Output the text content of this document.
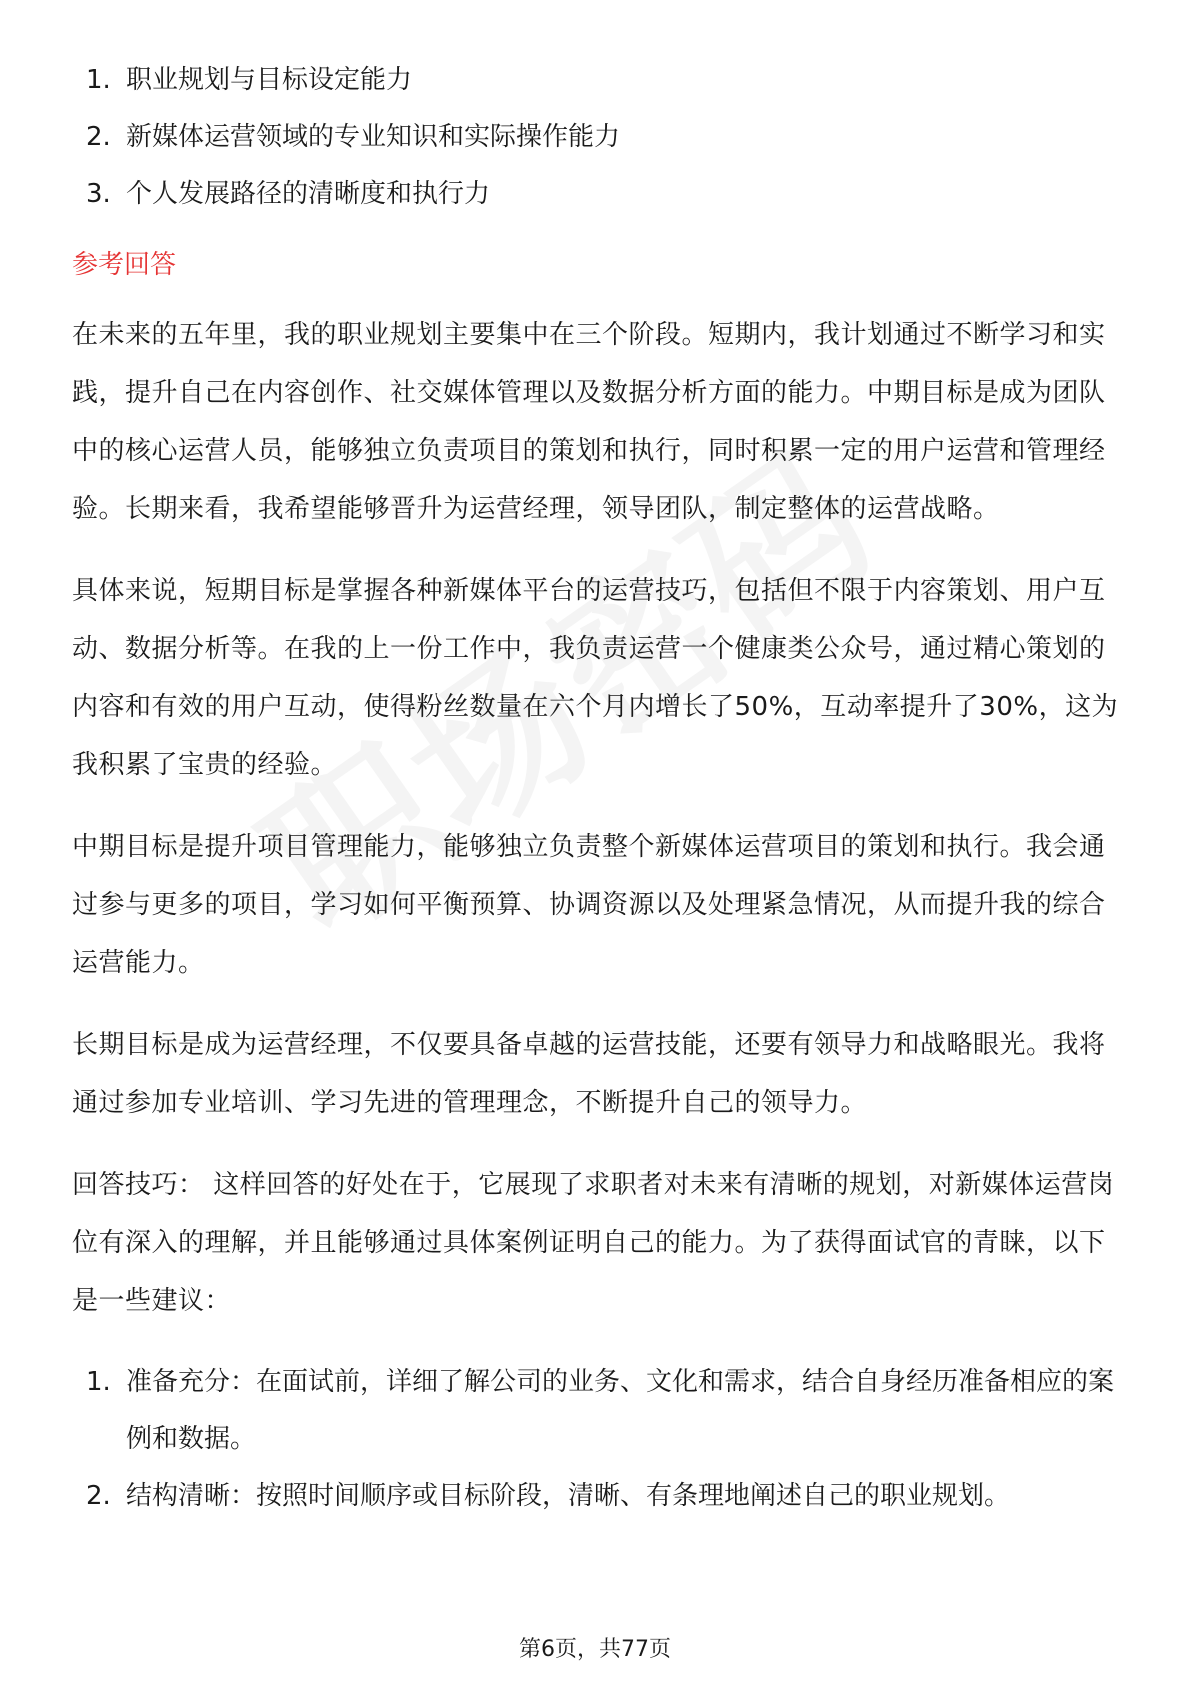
1. 职业规划与目标设定能力
2. 新媒体运营领域的专业知识和实际操作能力
3. 个人发展路径的清晰度和执行力
参考回答

在未来的五年里，我的职业规划主要集中在三个阶段。短期内，我计划通过不断学习和实践，提升自己在内容创作、社交媒体管理以及数据分析方面的能力。中期目标是成为团队中的核心运营人员，能够独立负责项目的策划和执行，同时积累一定的用户运营和管理经验。长期来看，我希望能够晋升为运营经理，领导团队，制定整体的运营战略。

具体来说，短期目标是掌握各种新媒体平台的运营技巧，包括但不限于内容策划、用户互动、数据分析等。在我的上一份工作中，我负责运营一个健康类公众号，通过精心策划的内容和有效的用户互动，使得粉丝数量在六个月内增长了50%，互动率提升了30%，这为我积累了宝贵的经验。

中期目标是提升项目管理能力，能够独立负责整个新媒体运营项目的策划和执行。我会通过参与更多的项目，学习如何平衡预算、协调资源以及处理紧急情况，从而提升我的综合运营能力。

长期目标是成为运营经理，不仅要具备卓越的运营技能，还要有领导力和战略眼光。我将通过参加专业培训、学习先进的管理理念，不断提升自己的领导力。

回答技巧： 这样回答的好处在于，它展现了求职者对未来有清晰的规划，对新媒体运营岗位有深入的理解，并且能够通过具体案例证明自己的能力。为了获得面试官的青睐，以下是一些建议：

1. 准备充分：在面试前，详细了解公司的业务、文化和需求，结合自身经历准备相应的案例和数据。
2. 结构清晰：按照时间顺序或目标阶段，清晰、有条理地阐述自己的职业规划。
第6页，共77页
